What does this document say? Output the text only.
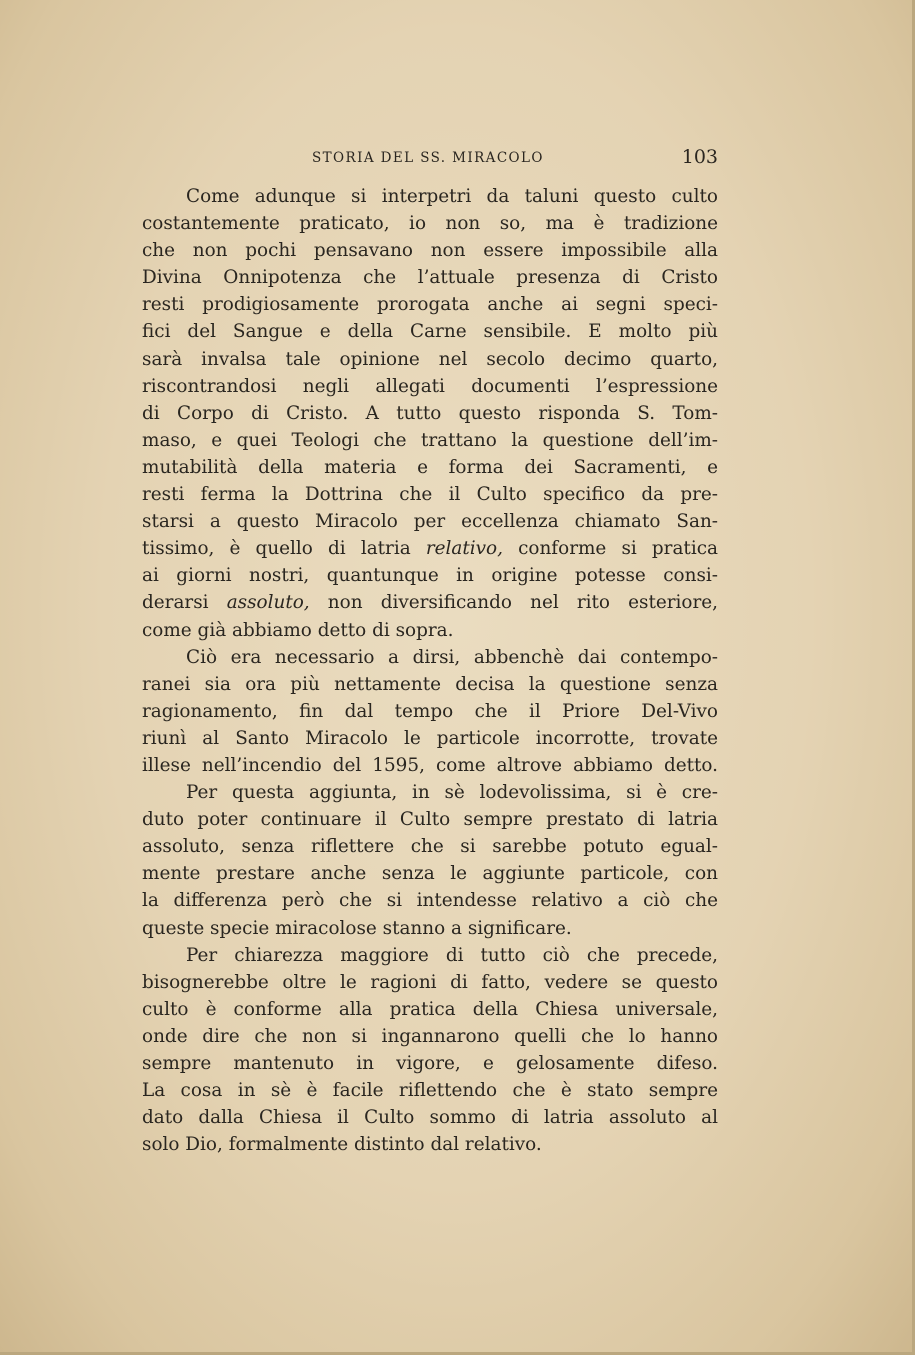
STORIA DEL SS. MIRACOLO	103
Come adunque si interpetri da taluni questo culto
costantemente praticato, io non so, ma è tradizione
che non pochi pensavano non essere impossibile alla
Divina Onnipotenza che l’attuale presenza di Cristo
resti prodigiosamente prorogata anche ai segni speci-
fici del Sangue e della Carne sensibile. E molto più
sarà invalsa tale opinione nel secolo decimo quarto,
riscontrandosi negli allegati documenti l’espressione
di Corpo di Cristo. A tutto questo risponda S. Tom-
maso, e quei Teologi che trattano la questione dell’im-
mutabilità della materia e forma dei Sacramenti, e
resti ferma la Dottrina che il Culto specifico da pre-
starsi a questo Miracolo per eccellenza chiamato San-
tissimo, è quello di latria relativo, conforme si pratica
ai giorni nostri, quantunque in origine potesse consi-
derarsi assoluto, non diversificando nel rito esteriore,
come già abbiamo detto di sopra.
Ciò era necessario a dirsi, abbenchè dai contempo-
ranei sia ora più nettamente decisa la questione senza
ragionamento, fin dal tempo che il Priore Del-Vivo
riunì al Santo Miracolo le particole incorrotte, trovate
illese nell’incendio del 1595, come altrove abbiamo detto.
Per questa aggiunta, in sè lodevolissima, si è cre-
duto poter continuare il Culto sempre prestato di latria
assoluto, senza riflettere che si sarebbe potuto egual-
mente prestare anche senza le aggiunte particole, con
la differenza però che si intendesse relativo a ciò che
queste specie miracolose stanno a significare.
Per chiarezza maggiore di tutto ciò che precede,
bisognerebbe oltre le ragioni di fatto, vedere se questo
culto è conforme alla pratica della Chiesa universale,
onde dire che non si ingannarono quelli che lo hanno
sempre mantenuto in vigore, e gelosamente difeso.
La cosa in sè è facile riflettendo che è stato sempre
dato dalla Chiesa il Culto sommo di latria assoluto al
solo Dio, formalmente distinto dal relativo.
